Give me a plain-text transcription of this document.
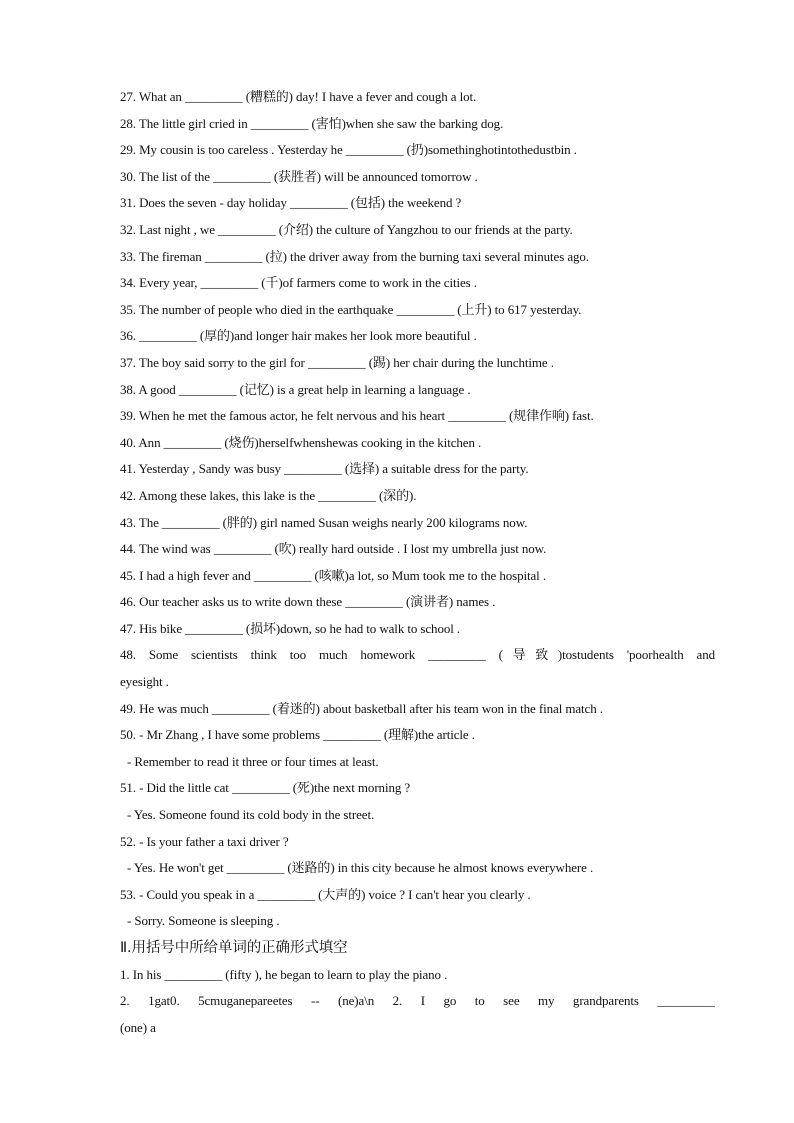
27. What an _________ (糟糕的) day! I have a fever and cough a lot.
28. The little girl cried in _________ (害怕)when she saw the barking dog.
29. My cousin is too careless . Yesterday he _________ (扔)somethinghotintothedustbin .
30. The list of the _________ (获胜者) will be announced tomorrow .
31. Does the seven - day holiday _________ (包括) the weekend ?
32. Last night , we _________ (介绍) the culture of Yangzhou to our friends at the party.
33. The fireman _________ (拉) the driver away from the burning taxi several minutes ago.
34. Every year, _________ (千)of farmers come to work in the cities .
35. The number of people who died in the earthquake _________ (上升) to 617 yesterday.
36. _________ (厚的)and longer hair makes her look more beautiful .
37. The boy said sorry to the girl for _________ (踢) her chair during the lunchtime .
38. A good _________ (记忆) is a great help in learning a language .
39. When he met the famous actor, he felt nervous and his heart _________ (规律作响) fast.
40. Ann _________ (烧伤)herselfwhenshewas cooking in the kitchen .
41. Yesterday , Sandy was busy _________ (选择) a suitable dress for the party.
42. Among these lakes, this lake is the _________ (深的).
43. The _________ (胖的) girl named Susan weighs nearly 200 kilograms now.
44. The wind was _________ (吹) really hard outside . I lost my umbrella just now.
45. I had a high fever and _________ (咳嗽)a lot, so Mum took me to the hospital .
46. Our teacher asks us to write down these _________ (演讲者) names .
47. His bike _________ (损坏)down, so he had to walk to school .
48. Some scientists think too much homework _________ (导致)tostudents 'poorhealth and
eyesight .
49. He was much _________ (着迷的) about basketball after his team won in the final match .
50. - Mr Zhang , I have some problems _________ (理解)the article .
- Remember to read it three or four times at least.
51. - Did the little cat _________ (死)the next morning ?
- Yes. Someone found its cold body in the street.
52. - Is your father a taxi driver ?
- Yes. He won't get _________ (迷路的) in this city because he almost knows everywhere .
53. - Could you speak in a _________ (大声的) voice ? I can't hear you clearly .
- Sorry. Someone is sleeping .
Ⅱ.用括号中所给单词的正确形式填空
1. In his _________ (fifty ), he began to learn to play the piano .
2. 1gat0. 5cmuganepareetes -- (ne)a\n 2. I go to see my grandparents _________
(one) a
